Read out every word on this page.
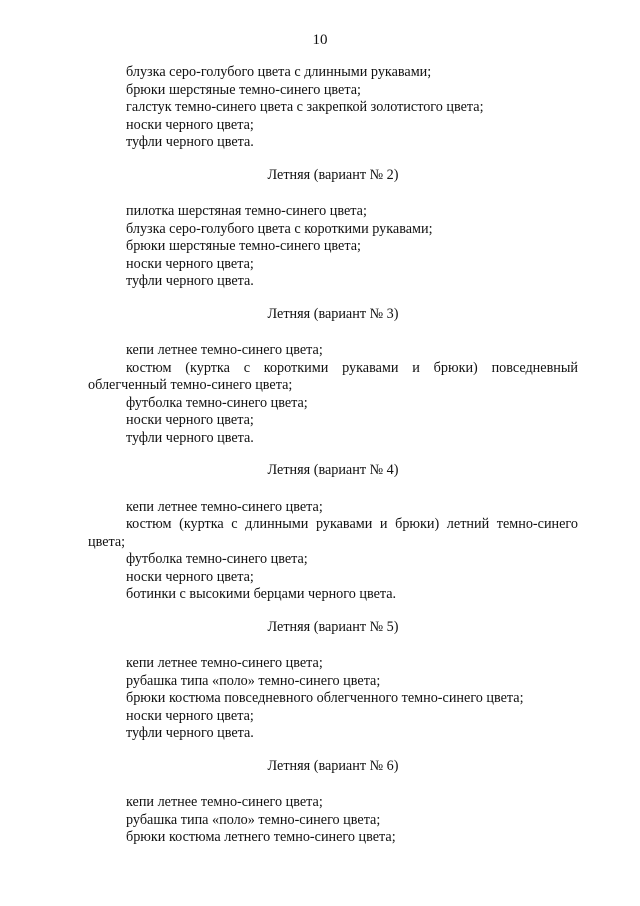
10

блузка серо-голубого цвета с длинными рукавами;

брюки шерстяные темно-синего цвета;

галстук темно-синего цвета с закрепкой золотистого цвета;

носки черного цвета;

туфли черного цвета.

Летняя (вариант № 2)

пилотка шерстяная темно-синего цвета;

блузка серо-голубого цвета с короткими рукавами;

брюки шерстяные темно-синего цвета;

носки черного цвета;

туфли черного цвета.

Летняя (вариант № 3)

кепи летнее темно-синего цвета;

костюм (куртка с короткими рукавами и брюки) повседневный облегченный темно-синего цвета;

футболка темно-синего цвета;

носки черного цвета;

туфли черного цвета.

Летняя (вариант № 4)

кепи летнее темно-синего цвета;

костюм (куртка с длинными рукавами и брюки) летний темно-синего цвета;

футболка темно-синего цвета;

носки черного цвета;

ботинки с высокими берцами черного цвета.

Летняя (вариант № 5)

кепи летнее темно-синего цвета;

рубашка типа «поло» темно-синего цвета;

брюки костюма повседневного облегченного темно-синего цвета;

носки черного цвета;

туфли черного цвета.

Летняя (вариант № 6)

кепи летнее темно-синего цвета;

рубашка типа «поло» темно-синего цвета;

брюки костюма летнего темно-синего цвета;
